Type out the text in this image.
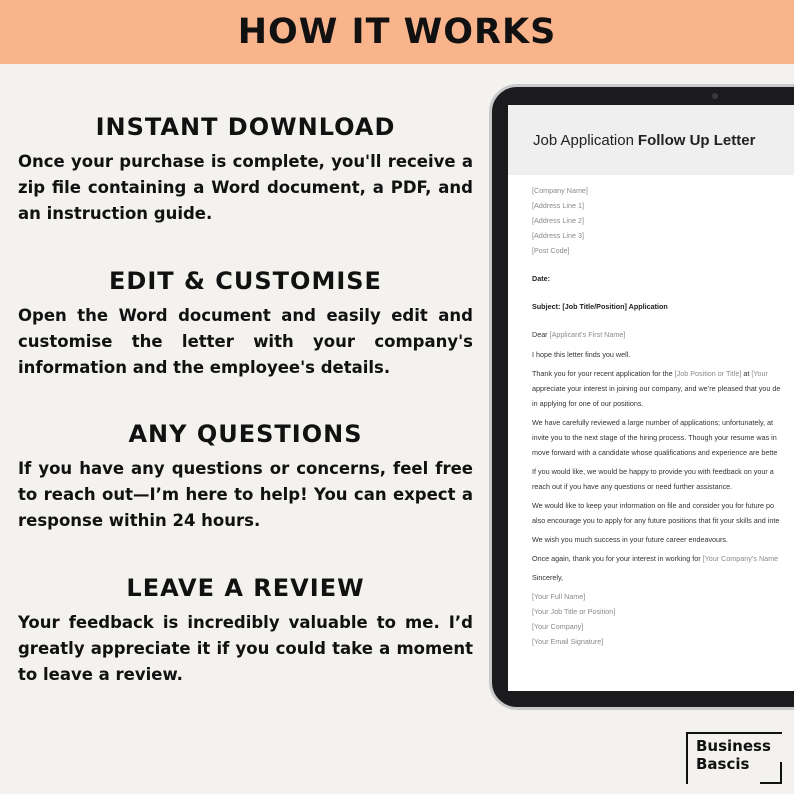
HOW IT WORKS
INSTANT DOWNLOAD

Once your purchase is complete, you'll receive a zip file containing a Word document, a PDF, and an instruction guide.

EDIT & CUSTOMISE

Open the Word document and easily edit and customise the letter with your company's information and the employee's details.

ANY QUESTIONS

If you have any questions or concerns, feel free to reach out—I’m here to help! You can expect a response within 24 hours.

LEAVE A REVIEW

Your feedback is incredibly valuable to me. I’d greatly appreciate it if you could take a moment to leave a review.

Job Application Follow Up Letter
[Company Name]
[Address Line 1]
[Address Line 2]
[Address Line 3]
[Post Code]
Date:
Subject: [Job Title/Position] Application
Dear [Applicant’s First Name]
I hope this letter finds you well.
Thank you for your recent application for the [Job Position or Title] at [Your
appreciate your interest in joining our company, and we’re pleased that you de
in applying for one of our positions.
We have carefully reviewed a large number of applications; unfortunately, at
invite you to the next stage of the hiring process. Though your resume was in
move forward with a candidate whose qualifications and experience are bette
If you would like, we would be happy to provide you with feedback on your a
reach out if you have any questions or need further assistance.
We would like to keep your information on file and consider you for future po
also encourage you to apply for any future positions that fit your skills and inte
We wish you much success in your future career endeavours.
Once again, thank you for your interest in working for [Your Company’s Name
Sincerely,
[Your Full Name]
[Your Job Title or Position]
[Your Company]
[Your Email Signature]
Business
Bascis
